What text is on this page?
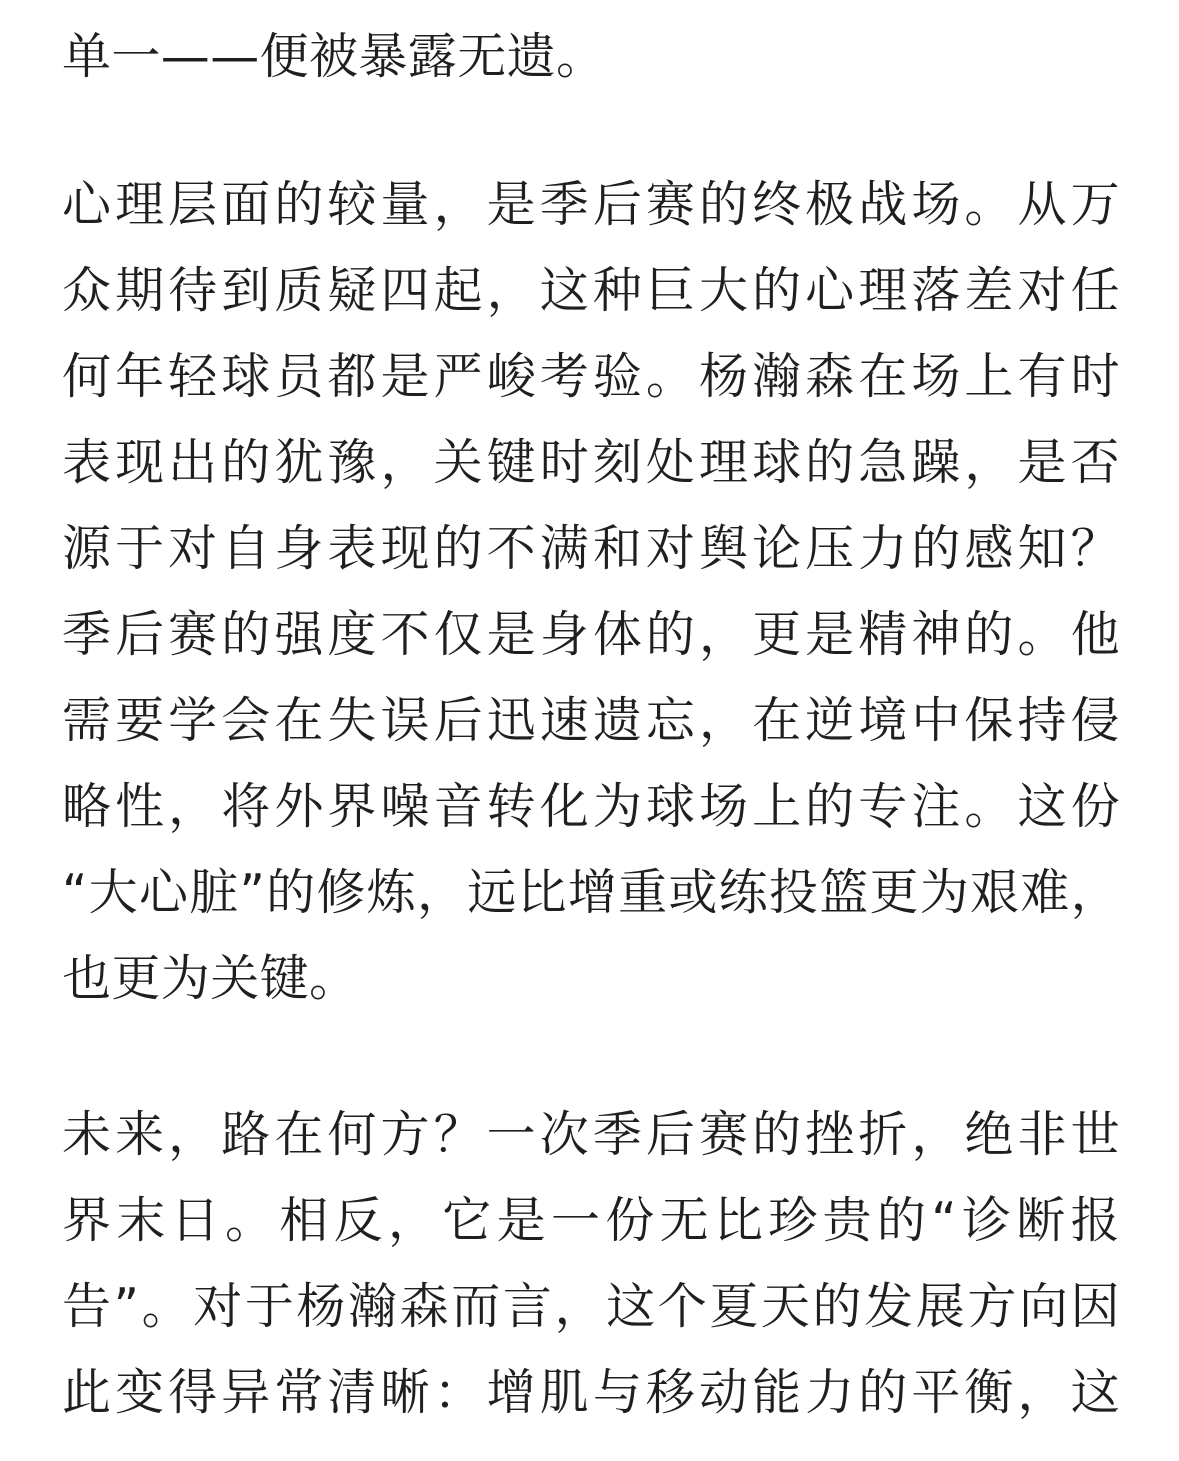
单一——便被暴露无遗。
心理层面的较量，是季后赛的终极战场。从万
众期待到质疑四起，这种巨大的心理落差对任
何年轻球员都是严峻考验。杨瀚森在场上有时
表现出的犹豫，关键时刻处理球的急躁，是否
源于对自身表现的不满和对舆论压力的感知？
季后赛的强度不仅是身体的，更是精神的。他
需要学会在失误后迅速遗忘，在逆境中保持侵
略性，将外界噪音转化为球场上的专注。这份
“大心脏”的修炼，远比增重或练投篮更为艰难，
也更为关键。
未来，路在何方？一次季后赛的挫折，绝非世
界末日。相反，它是一份无比珍贵的“诊断报
告”。对于杨瀚森而言，这个夏天的发展方向因
此变得异常清晰：增肌与移动能力的平衡，这
